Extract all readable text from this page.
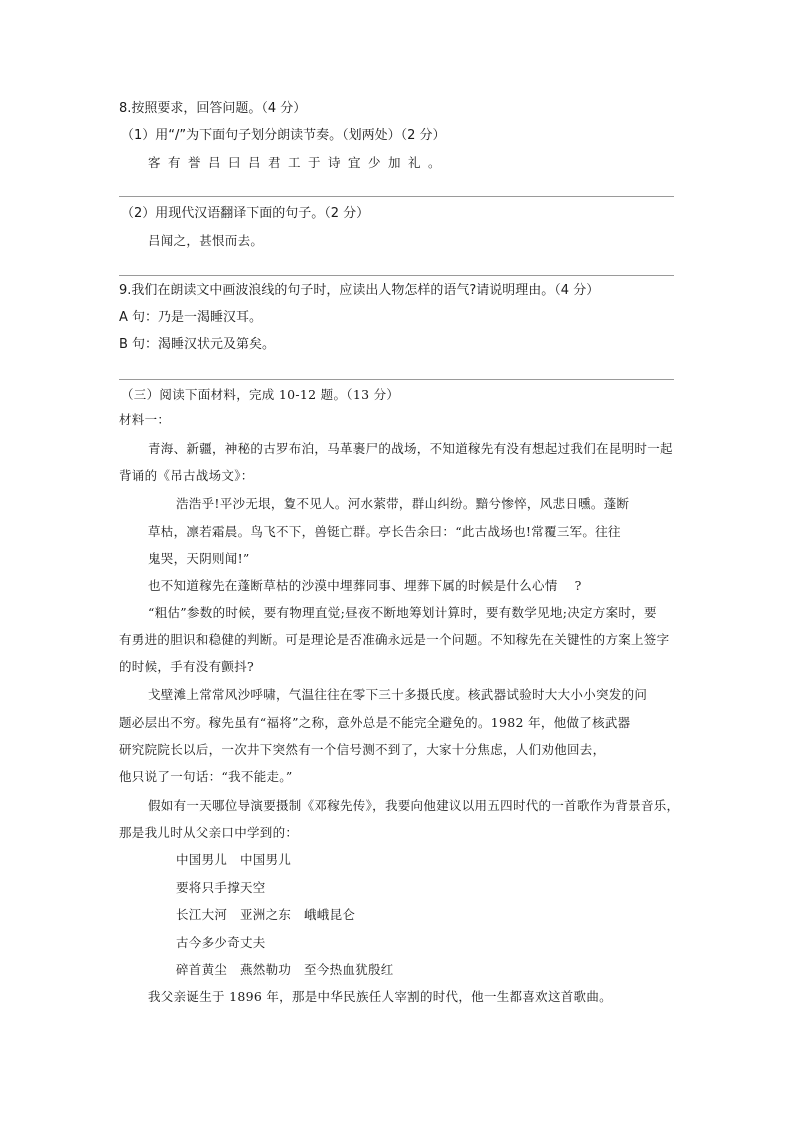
8.按照要求，回答问题。（4 分）
（1）用“/”为下面句子划分朗读节奏。（划两处）（2 分）
客有誉吕曰吕君工于诗宜少加礼。
（2）用现代汉语翻译下面的句子。（2 分）
吕闻之，甚恨而去。
9.我们在朗读文中画波浪线的句子时，应读出人物怎样的语气?请说明理由。（4 分）
A 句：乃是一渴睡汉耳。
B 句：渴睡汉状元及第矣。
（三）阅读下面材料，完成 10-12 题。（13 分）
材料一：
青海、新疆，神秘的古罗布泊，马革裹尸的战场，不知道稼先有没有想起过我们在昆明时一起
背诵的《吊古战场文》：
浩浩乎!平沙无垠，夐不见人。河水萦带，群山纠纷。黯兮惨悴，风悲日曛。蓬断
草枯，凛若霜晨。鸟飞不下，兽铤亡群。亭长告余曰：“此古战场也!常覆三军。往往
鬼哭，天阴则闻!”
也不知道稼先在蓬断草枯的沙漠中埋葬同事、埋葬下属的时候是什么心情　 ?
“粗估”参数的时候，要有物理直觉;昼夜不断地筹划计算时，要有数学见地;决定方案时，要
有勇进的胆识和稳健的判断。可是理论是否准确永远是一个问题。不知稼先在关键性的方案上签字
的时候，手有没有颤抖?
戈壁滩上常常风沙呼啸，气温往往在零下三十多摄氏度。核武器试验时大大小小突发的问
题必层出不穷。稼先虽有“福将”之称，意外总是不能完全避免的。1982 年，他做了核武器
研究院院长以后，一次井下突然有一个信号测不到了，大家十分焦虑，人们劝他回去，
他只说了一句话：“我不能走。”
假如有一天哪位导演要摄制《邓稼先传》，我要向他建议以用五四时代的一首歌作为背景音乐，
那是我儿时从父亲口中学到的：
中国男儿　中国男儿
要将只手撑天空
长江大河　亚洲之东　峨峨昆仑
古今多少奇丈夫
碎首黄尘　燕然勒功　至今热血犹殷红
我父亲诞生于 1896 年，那是中华民族任人宰割的时代，他一生都喜欢这首歌曲。
